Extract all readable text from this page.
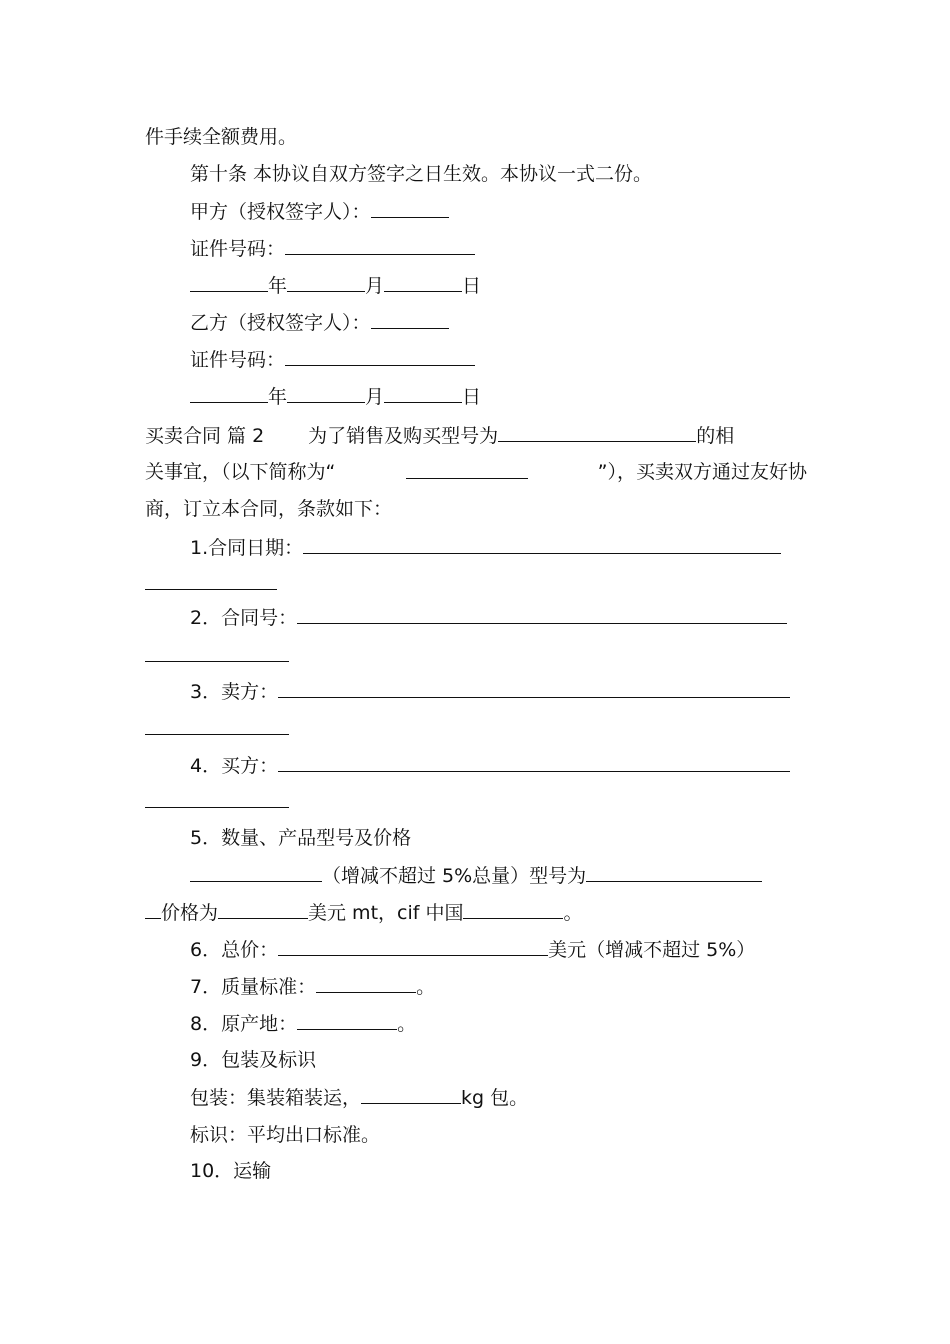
件手续全额费用。
第十条 本协议自双方签字之日生效。本协议一式二份。
甲方（授权签字人）：
证件号码：
年	月	日
乙方（授权签字人）：
证件号码：
年	月	日
买卖合同 篇 2 为了销售及购买型号为	的相
关事宜，（以下简称为“	”），买卖双方通过友好协
商，订立本合同，条款如下：
1.合同日期：
2．合同号：
3．卖方：
4．买方：
5．数量、产品型号及价格
（增减不超过 5%总量）型号为
价格为	美元 mt，cif 中国	。
6．总价：	美元（增减不超过 5%）
7．质量标准：	。
8．原产地：	。
9．包装及标识
包装：集装箱装运，	kg 包。
标识：平均出口标准。
10．运输
